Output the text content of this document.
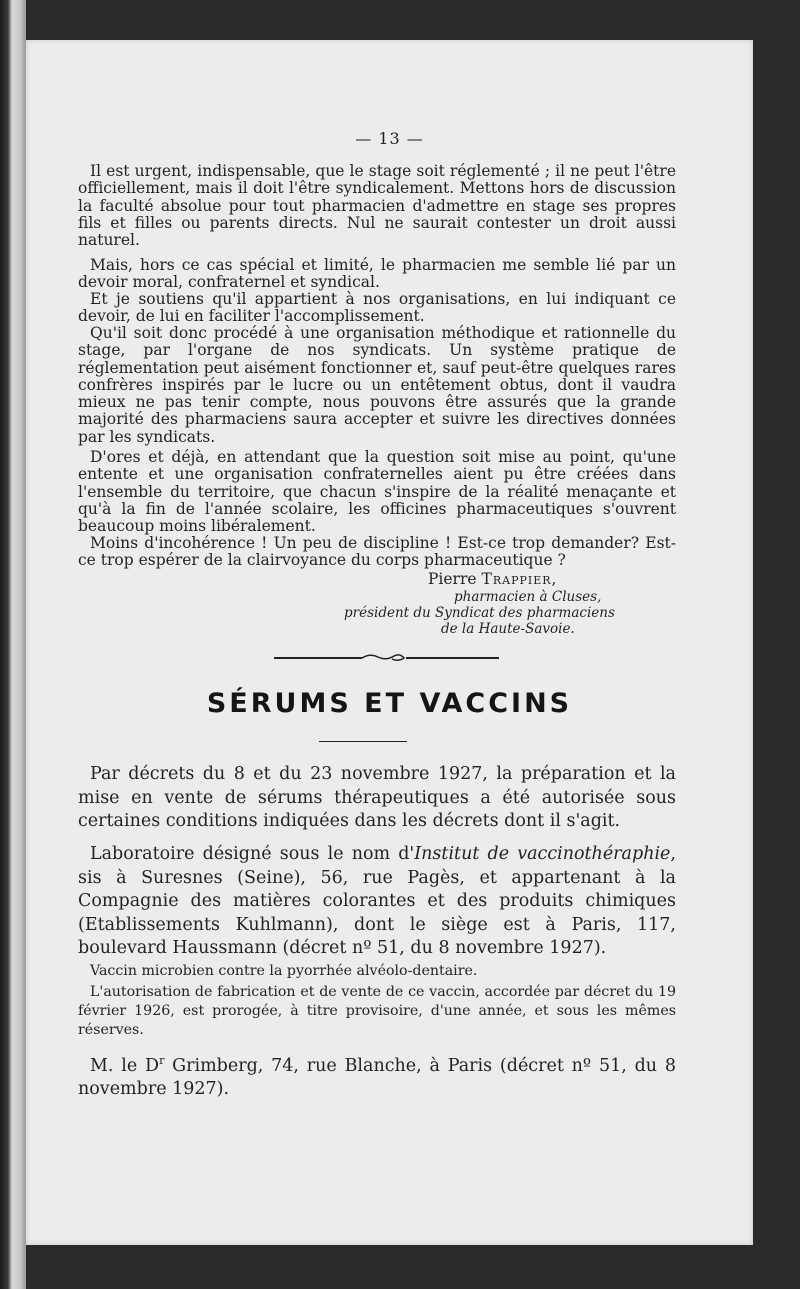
— 13 —
Il est urgent, indispensable, que le stage soit réglementé ; il ne peut l'être officiellement, mais il doit l'être syndicalement. Mettons hors de discussion la faculté absolue pour tout pharmacien d'admettre en stage ses propres fils et filles ou parents directs. Nul ne saurait contester un droit aussi naturel.
Mais, hors ce cas spécial et limité, le pharmacien me semble lié par un devoir moral, confraternel et syndical.
Et je soutiens qu'il appartient à nos organisations, en lui indiquant ce devoir, de lui en faciliter l'accomplissement.
Qu'il soit donc procédé à une organisation méthodique et rationnelle du stage, par l'organe de nos syndicats. Un système pratique de réglementation peut aisément fonctionner et, sauf peut-être quelques rares confrères inspirés par le lucre ou un entêtement obtus, dont il vaudra mieux ne pas tenir compte, nous pouvons être assurés que la grande majorité des pharmaciens saura accepter et suivre les directives données par les syndicats.
D'ores et déjà, en attendant que la question soit mise au point, qu'une entente et une organisation confraternelles aient pu être créées dans l'ensemble du territoire, que chacun s'inspire de la réalité menaçante et qu'à la fin de l'année scolaire, les officines pharmaceutiques s'ouvrent beaucoup moins libéralement.
Moins d'incohérence ! Un peu de discipline ! Est-ce trop demander? Est-ce trop espérer de la clairvoyance du corps pharmaceutique ?
Pierre Trappier,
pharmacien à Cluses,
président du Syndicat des pharmaciens
de la Haute-Savoie.
SÉRUMS ET VACCINS
Par décrets du 8 et du 23 novembre 1927, la préparation et la mise en vente de sérums thérapeutiques a été autorisée sous certaines conditions indiquées dans les décrets dont il s'agit.
Laboratoire désigné sous le nom d'Institut de vaccinothéraphie, sis à Suresnes (Seine), 56, rue Pagès, et appartenant à la Compagnie des matières colorantes et des produits chimiques (Etablissements Kuhlmann), dont le siège est à Paris, 117, boulevard Haussmann (décret nº 51, du 8 novembre 1927).
Vaccin microbien contre la pyorrhée alvéolo-dentaire.
L'autorisation de fabrication et de vente de ce vaccin, accordée par décret du 19 février 1926, est prorogée, à titre provisoire, d'une année, et sous les mêmes réserves.
M. le $D^r$ Grimberg, 74, rue Blanche, à Paris (décret nº 51, du 8 novembre 1927).
